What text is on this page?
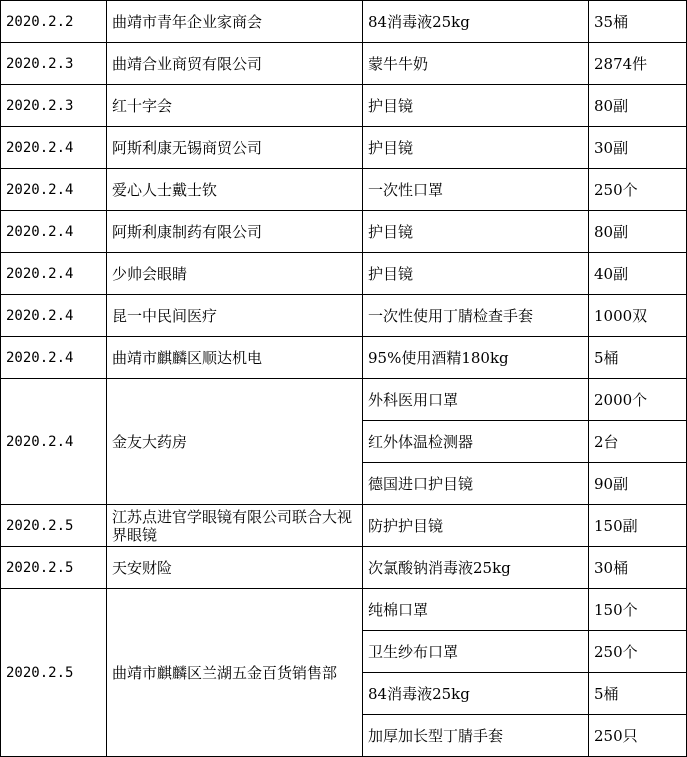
2020.2.2	曲靖市青年企业家商会	84消毒液25kg	35桶
2020.2.3	曲靖合业商贸有限公司	蒙牛牛奶	2874件
2020.2.3	红十字会	护目镜	80副
2020.2.4	阿斯利康无锡商贸公司	护目镜	30副
2020.2.4	爱心人士戴士钦	一次性口罩	250个
2020.2.4	阿斯利康制药有限公司	护目镜	80副
2020.2.4	少帅会眼睛	护目镜	40副
2020.2.4	昆一中民间医疗	一次性使用丁腈检查手套	1000双
2020.2.4	曲靖市麒麟区顺达机电	95%使用酒精180kg	5桶
2020.2.4	金友大药房	外科医用口罩	2000个
		红外体温检测器	2台
		德国进口护目镜	90副
2020.2.5	江苏点进官学眼镜有限公司联合大视界眼镜	防护护目镜	150副
2020.2.5	天安财险	次氯酸钠消毒液25kg	30桶
2020.2.5	曲靖市麒麟区兰湖五金百货销售部	纯棉口罩	150个
		卫生纱布口罩	250个
		84消毒液25kg	5桶
		加厚加长型丁腈手套	250只
